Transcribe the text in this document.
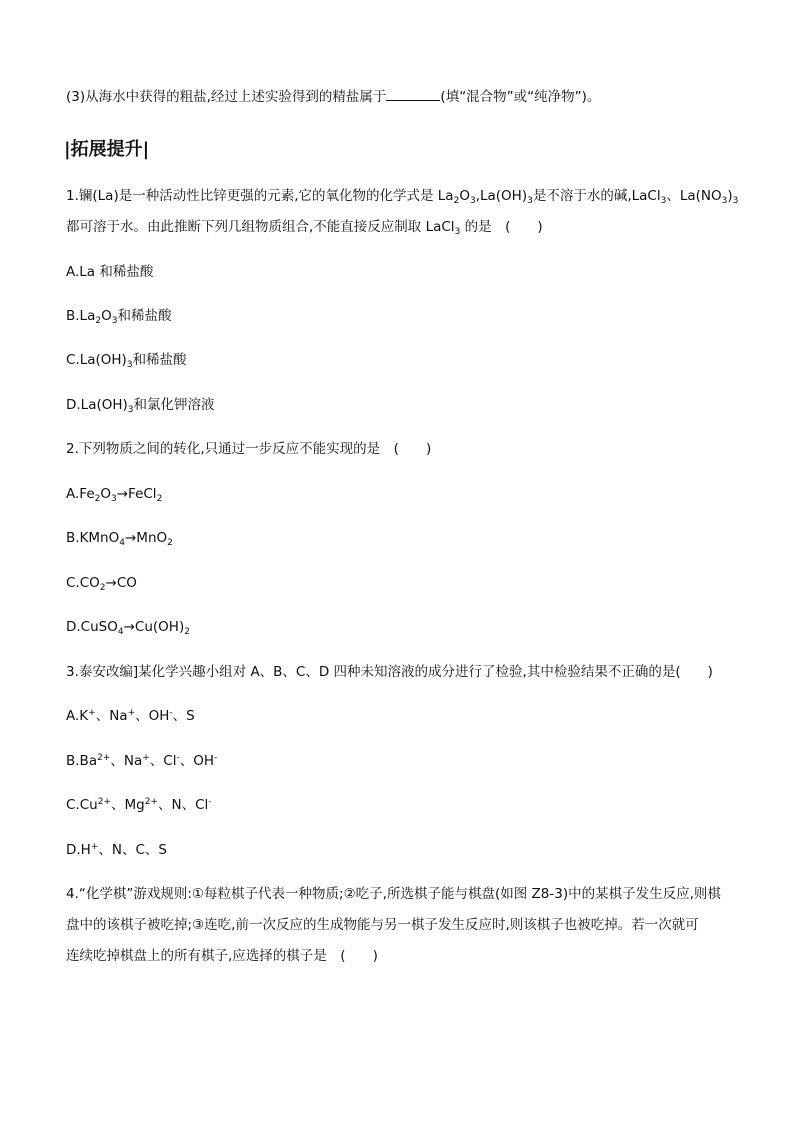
(3)从海水中获得的粗盐,经过上述实验得到的精盐属于	(填“混合物”或“纯净物”)。
|拓展提升|
1.镧(La)是一种活动性比锌更强的元素,它的氧化物的化学式是 $La_2O_3,La(OH)_3$是不溶于水的碱,LaCl$_3$、$La(NO_3)_3$
都可溶于水。由此推断下列几组物质组合,不能直接反应制取 LaCl$_3$ 的是　(　　)
A.La 和稀盐酸
$B.La_2O_3$和稀盐酸
$C.La(OH)_3$和稀盐酸
$D.La(OH)_3$和氯化钾溶液
2.下列物质之间的转化,只通过一步反应不能实现的是　 (　　)
$A.Fe_2O_3\to FeCl_2$
B.KMnO$_4$→MnO$_2$
$C.CO_2\to CO$
$D.CuSO_4\to Cu(OH)_2$
3.泰安改编]某化学兴趣小组对 A、B、C、D 四种未知溶液的成分进行了检验,其中检验结果不正确的是(　　)
A.K+、Na+、OH-、S
$B.Ba^{2+}$、Na+、Cl-、OH-
$C.Cu^{2+}$、$Mg^{2+}$、N、Cl-
D.H+、N、C、S
4.“化学棋”游戏规则:①每粒棋子代表一种物质;②吃子,所选棋子能与棋盘(如图 Z8-3)中的某棋子发生反应,则棋
盘中的该棋子被吃掉;③连吃,前一次反应的生成物能与另一棋子发生反应时,则该棋子也被吃掉。若一次就可
连续吃掉棋盘上的所有棋子,应选择的棋子是　 (　　)
